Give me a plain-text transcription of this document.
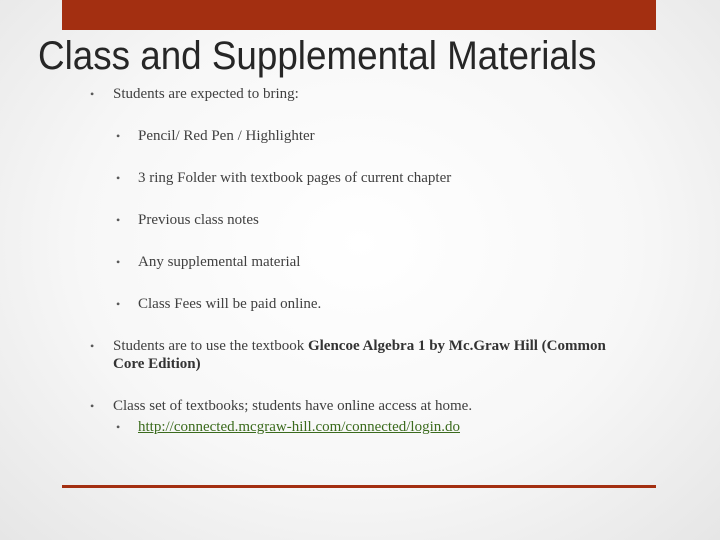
Class and Supplemental Materials
• Students are expected to bring:
• Pencil/ Red Pen / Highlighter
• 3 ring Folder with textbook pages of current chapter
• Previous class notes
• Any supplemental material
• Class Fees will be paid online.
• Students are to use the textbook Glencoe Algebra 1 by Mc.Graw Hill (Common
Core Edition)
• Class set of textbooks; students have online access at home.
• http://connected.mcgraw-hill.com/connected/login.do
